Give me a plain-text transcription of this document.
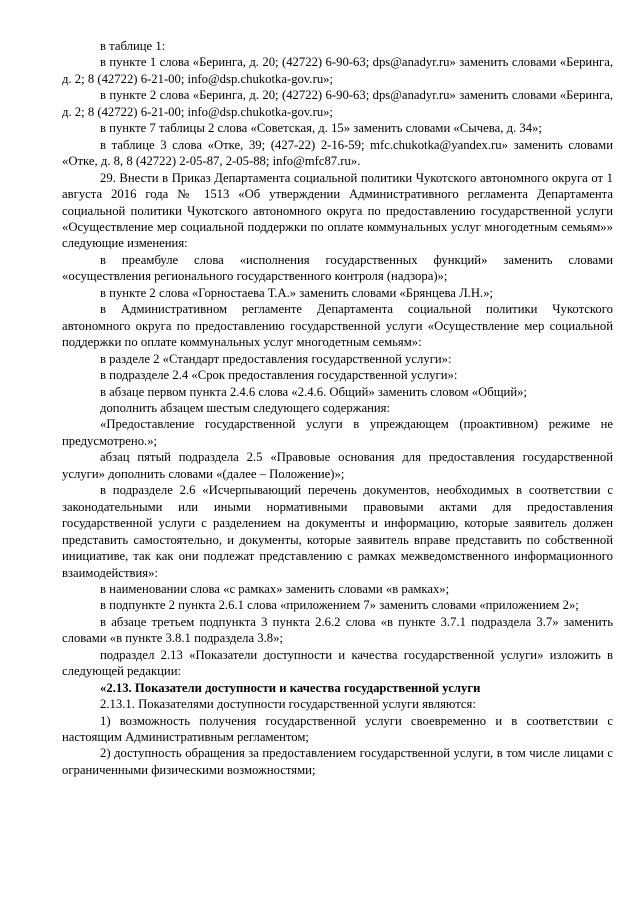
в таблице 1:

в пункте 1 слова «Беринга, д. 20; (42722) 6-90-63; dps@anadyr.ru» заменить словами «Беринга, д. 2; 8 (42722) 6-21-00; info@dsp.chukotka-gov.ru»;

в пункте 2 слова «Беринга, д. 20; (42722) 6-90-63; dps@anadyr.ru» заменить словами «Беринга, д. 2; 8 (42722) 6-21-00; info@dsp.chukotka-gov.ru»;

в пункте 7 таблицы 2 слова «Советская, д. 15» заменить словами «Сычева, д. 34»;

в таблице 3 слова «Отке, 39; (427-22) 2-16-59; mfc.chukotka@yandex.ru» заменить словами «Отке, д. 8, 8 (42722) 2-05-87, 2-05-88; info@mfc87.ru».

29. Внести в Приказ Департамента социальной политики Чукотского автономного округа от 1 августа 2016 года № 1513 «Об утверждении Административного регламента Департамента социальной политики Чукотского автономного округа по предоставлению государственной услуги «Осуществление мер социальной поддержки по оплате коммунальных услуг многодетным семьям»» следующие изменения:

в преамбуле слова «исполнения государственных функций» заменить словами «осуществления регионального государственного контроля (надзора)»;

в пункте 2 слова «Горностаева Т.А.» заменить словами «Брянцева Л.Н.»;

в Административном регламенте Департамента социальной политики Чукотского автономного округа по предоставлению государственной услуги «Осуществление мер социальной поддержки по оплате коммунальных услуг многодетным семьям»:

в разделе 2 «Стандарт предоставления государственной услуги»:

в подразделе 2.4 «Срок предоставления государственной услуги»:

в абзаце первом пункта 2.4.6 слова «2.4.6. Общий» заменить словом «Общий»;

дополнить абзацем шестым следующего содержания:

«Предоставление государственной услуги в упреждающем (проактивном) режиме не предусмотрено.»;

абзац пятый подраздела 2.5 «Правовые основания для предоставления государственной услуги» дополнить словами «(далее – Положение)»;

в подразделе 2.6 «Исчерпывающий перечень документов, необходимых в соответствии с законодательными или иными нормативными правовыми актами для предоставления государственной услуги с разделением на документы и информацию, которые заявитель должен представить самостоятельно, и документы, которые заявитель вправе представить по собственной инициативе, так как они подлежат представлению с рамках межведомственного информационного взаимодействия»:

в наименовании слова «с рамках» заменить словами «в рамках»;

в подпункте 2 пункта 2.6.1 слова «приложением 7» заменить словами «приложением 2»;

в абзаце третьем подпункта 3 пункта 2.6.2 слова «в пункте 3.7.1 подраздела 3.7» заменить словами «в пункте 3.8.1 подраздела 3.8»;

подраздел 2.13 «Показатели доступности и качества государственной услуги» изложить в следующей редакции:

«2.13. Показатели доступности и качества государственной услуги

2.13.1. Показателями доступности государственной услуги являются:

1) возможность получения государственной услуги своевременно и в соответствии с настоящим Административным регламентом;

2) доступность обращения за предоставлением государственной услуги, в том числе лицами с ограниченными физическими возможностями;
